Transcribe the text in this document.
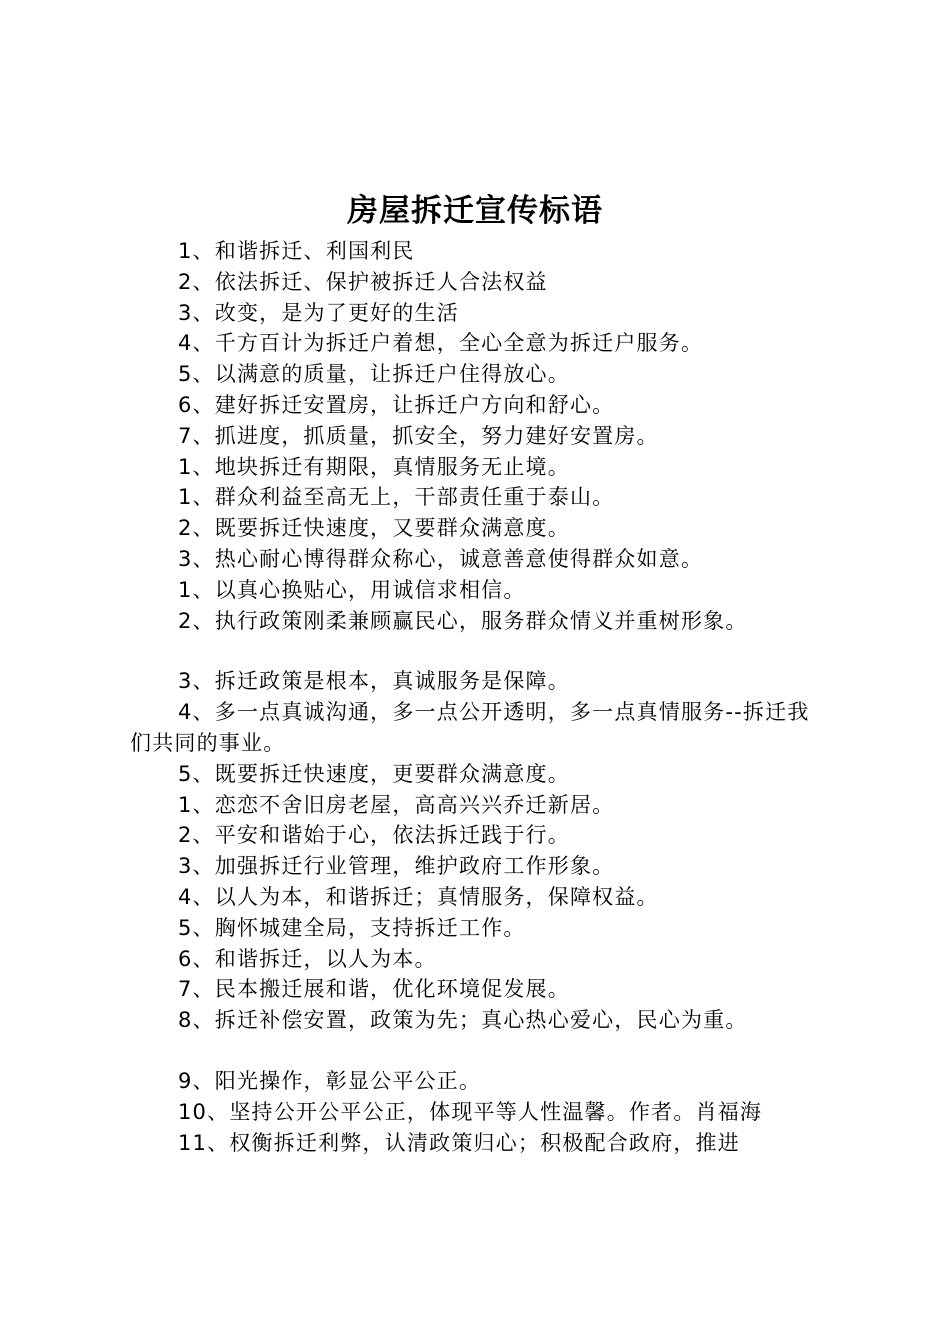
房屋拆迁宣传标语

1、和谐拆迁、利国利民

2、依法拆迁、保护被拆迁人合法权益

3、改变，是为了更好的生活

4、千方百计为拆迁户着想，全心全意为拆迁户服务。

5、以满意的质量，让拆迁户住得放心。

6、建好拆迁安置房，让拆迁户方向和舒心。

7、抓进度，抓质量，抓安全，努力建好安置房。

1、地块拆迁有期限，真情服务无止境。

1、群众利益至高无上，干部责任重于泰山。

2、既要拆迁快速度，又要群众满意度。

3、热心耐心博得群众称心，诚意善意使得群众如意。

1、以真心换贴心，用诚信求相信。

2、执行政策刚柔兼顾赢民心，服务群众情义并重树形象。

3、拆迁政策是根本，真诚服务是保障。

4、多一点真诚沟通，多一点公开透明，多一点真情服务--拆迁我们共同的事业。

5、既要拆迁快速度，更要群众满意度。

1、恋恋不舍旧房老屋，高高兴兴乔迁新居。

2、平安和谐始于心，依法拆迁践于行。

3、加强拆迁行业管理，维护政府工作形象。

4、以人为本，和谐拆迁；真情服务，保障权益。

5、胸怀城建全局，支持拆迁工作。

6、和谐拆迁，以人为本。

7、民本搬迁展和谐，优化环境促发展。

8、拆迁补偿安置，政策为先；真心热心爱心，民心为重。

9、阳光操作，彰显公平公正。

10、坚持公开公平公正，体现平等人性温馨。作者。肖福海

11、权衡拆迁利弊，认清政策归心；积极配合政府，推进
